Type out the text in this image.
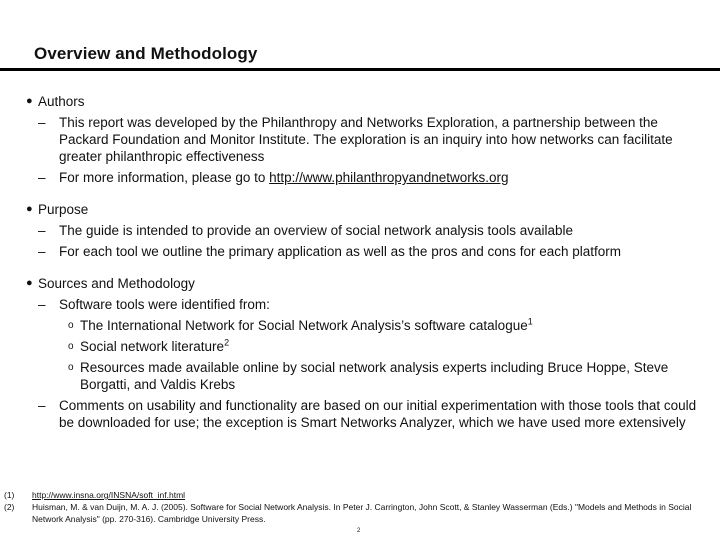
Overview and Methodology
● Authors
– This report was developed by the Philanthropy and Networks Exploration, a partnership between the Packard Foundation and Monitor Institute. The exploration is an inquiry into how networks can facilitate greater philanthropic effectiveness
– For more information, please go to http://www.philanthropyandnetworks.org
● Purpose
– The guide is intended to provide an overview of social network analysis tools available
– For each tool we outline the primary application as well as the pros and cons for each platform
● Sources and Methodology
– Software tools were identified from:
o The International Network for Social Network Analysis’s software catalogue$^1$
o Social network literature$^2$
o Resources made available online by social network analysis experts including Bruce Hoppe, Steve Borgatti, and Valdis Krebs
– Comments on usability and functionality are based on our initial experimentation with those tools that could be downloaded for use; the exception is Smart Networks Analyzer, which we have used more extensively
(1)	http://www.insna.org/INSNA/soft_inf.html
(2)	Huisman, M. & van Duijn, M. A. J. (2005). Software for Social Network Analysis. In Peter J. Carrington, John Scott, & Stanley Wasserman (Eds.) "Models and Methods in Social Network Analysis" (pp. 270-316). Cambridge University Press.
2
